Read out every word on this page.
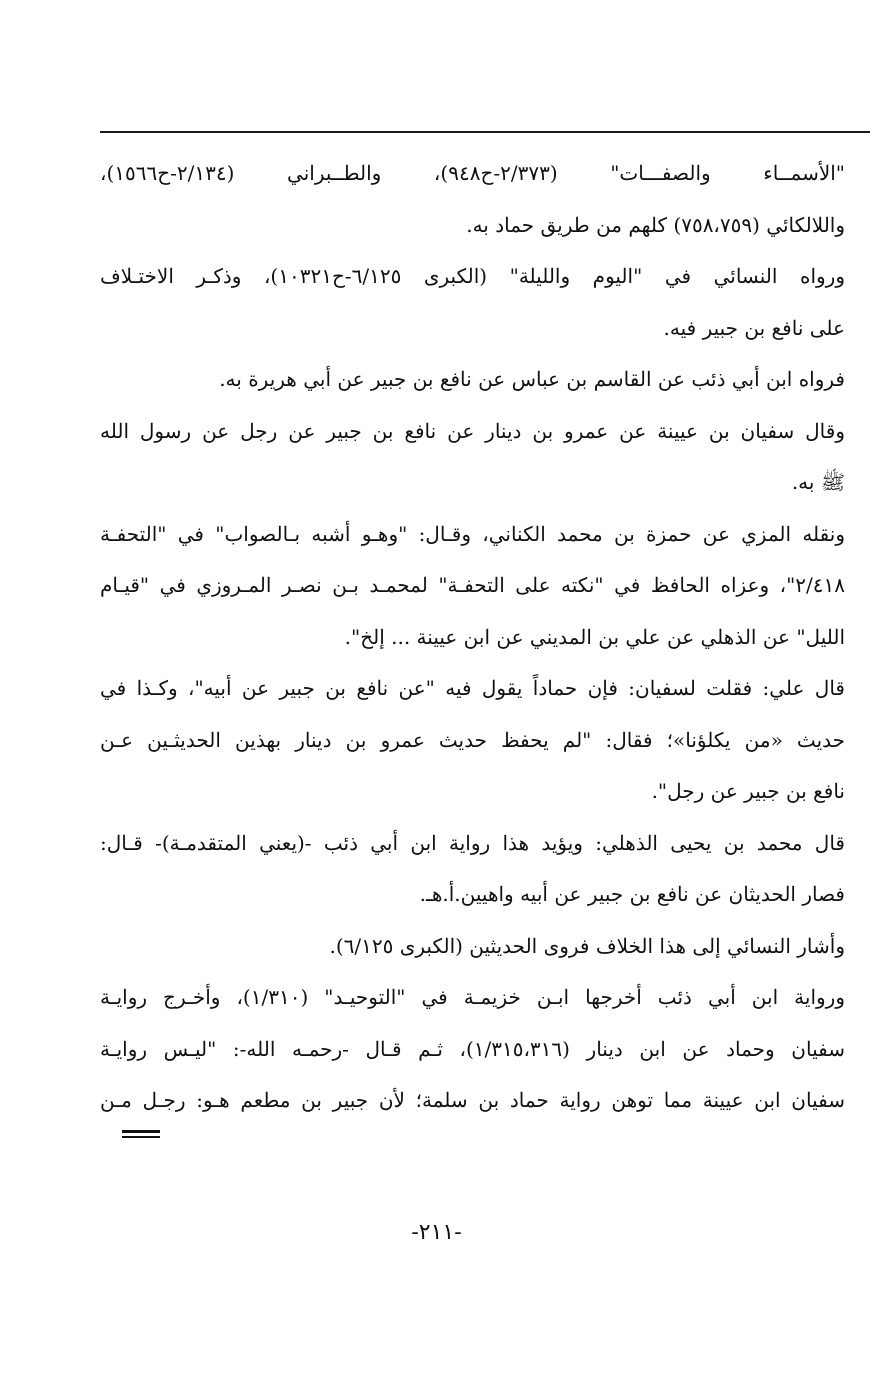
"الأسمــاء والصفـــات" (٢/٣٧٣-ح٩٤٨)، والطــبراني (٢/١٣٤-ح١٥٦٦)،
واللالكائي (٧٥٨،٧٥٩) كلهم من طريق حماد به.
ورواه النسائي في "اليوم والليلة" (الكبرى ٦/١٢٥-ح١٠٣٢١)، وذكـر الاختـلاف
على نافع بن جبير فيه.
فرواه ابن أبي ذئب عن القاسم بن عباس عن نافع بن جبير عن أبي هريرة به.
وقال سفيان بن عيينة عن عمرو بن دينار عن نافع بن جبير عن رجل عن رسول الله
ﷺ به.
ونقله المزي عن حمزة بن محمد الكناني، وقـال: "وهـو أشبه بـالصواب" في "التحفـة
٢/٤١٨"، وعزاه الحافظ في "نكته على التحفـة" لمحمـد بـن نصـر المـروزي في "قيـام
الليل" عن الذهلي عن علي بن المديني عن ابن عيينة ... إلخ".
قال علي: فقلت لسفيان: فإن حماداً يقول فيه "عن نافع بن جبير عن أبيه"، وكـذا في
حديث «من يكلؤنا»؛ فقال: "لم يحفظ حديث عمرو بن دينار بهذين الحديثـين عـن
نافع بن جبير عن رجل".
قال محمد بن يحيى الذهلي: ويؤيد هذا رواية ابن أبي ذئب -(يعني المتقدمـة)- قـال:
فصار الحديثان عن نافع بن جبير عن أبيه واهيين.أ.هـ.
وأشار النسائي إلى هذا الخلاف فروى الحديثين (الكبرى ٦/١٢٥).
ورواية ابن أبي ذئب أخرجها ابـن خزيمـة في "التوحيـد" (١/٣١٠)، وأخـرج روايـة
سفيان وحماد عن ابن دينار (١/٣١٥،٣١٦)، ثـم قـال -رحمـه الله-: "ليـس روايـة
سفيان ابن عيينة مما توهن رواية حماد بن سلمة؛ لأن جبير بن مطعم هـو: رجـل مـن
-٢١١-
